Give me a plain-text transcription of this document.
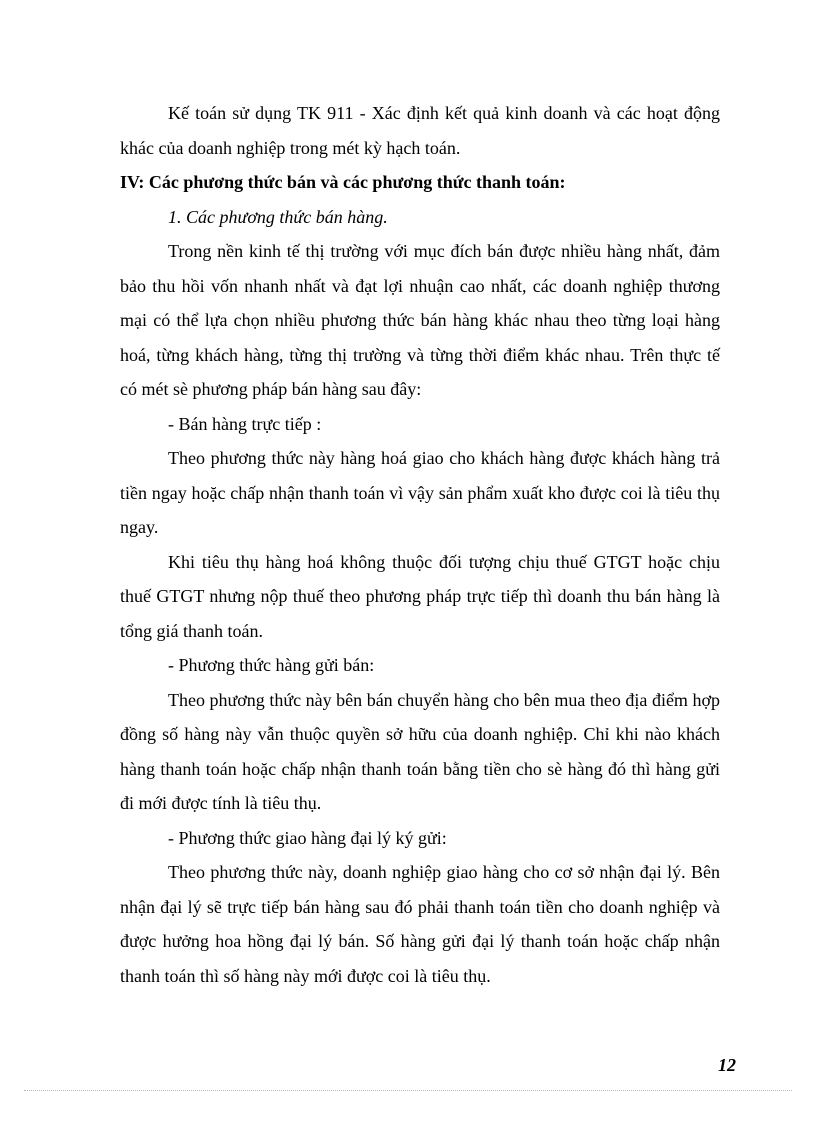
Kế toán sử dụng TK 911 - Xác định kết quả kinh doanh và các hoạt động khác của doanh nghiệp trong mét kỳ hạch toán.

IV: Các phương thức bán và các phương thức thanh toán:

1. Các phương thức bán hàng.

Trong nền kinh tế thị trường với mục đích bán được nhiều hàng nhất, đảm bảo thu hồi vốn nhanh nhất và đạt lợi nhuận cao nhất, các doanh nghiệp thương mại có thể lựa chọn nhiều phương thức bán hàng khác nhau theo từng loại hàng hoá, từng khách hàng, từng thị trường và từng thời điểm khác nhau. Trên thực tế có mét sè phương pháp bán hàng sau đây:

- Bán hàng trực tiếp :

Theo phương thức này hàng hoá giao cho khách hàng được khách hàng trả tiền ngay hoặc chấp nhận thanh toán vì vậy sản phẩm xuất kho được coi là tiêu thụ ngay.

Khi tiêu thụ hàng hoá không thuộc đối tượng chịu thuế GTGT hoặc chịu thuế GTGT nhưng nộp thuế theo phương pháp trực tiếp thì doanh thu bán hàng là tổng giá thanh toán.

- Phương thức hàng gửi bán:

Theo phương thức này bên bán chuyển hàng cho bên mua theo địa điểm hợp đồng số hàng này vẫn thuộc quyền sở hữu của doanh nghiệp. Chỉ khi nào khách hàng thanh toán hoặc chấp nhận thanh toán bằng tiền cho sè hàng đó thì hàng gửi đi mới được tính là tiêu thụ.

- Phương thức giao hàng đại lý ký gửi:

Theo phương thức này, doanh nghiệp giao hàng cho cơ sở nhận đại lý. Bên nhận đại lý sẽ trực tiếp bán hàng sau đó phải thanh toán tiền cho doanh nghiệp và được hưởng hoa hồng đại lý bán. Số hàng gửi đại lý thanh toán hoặc chấp nhận thanh toán thì số hàng này mới được coi là tiêu thụ.

12
